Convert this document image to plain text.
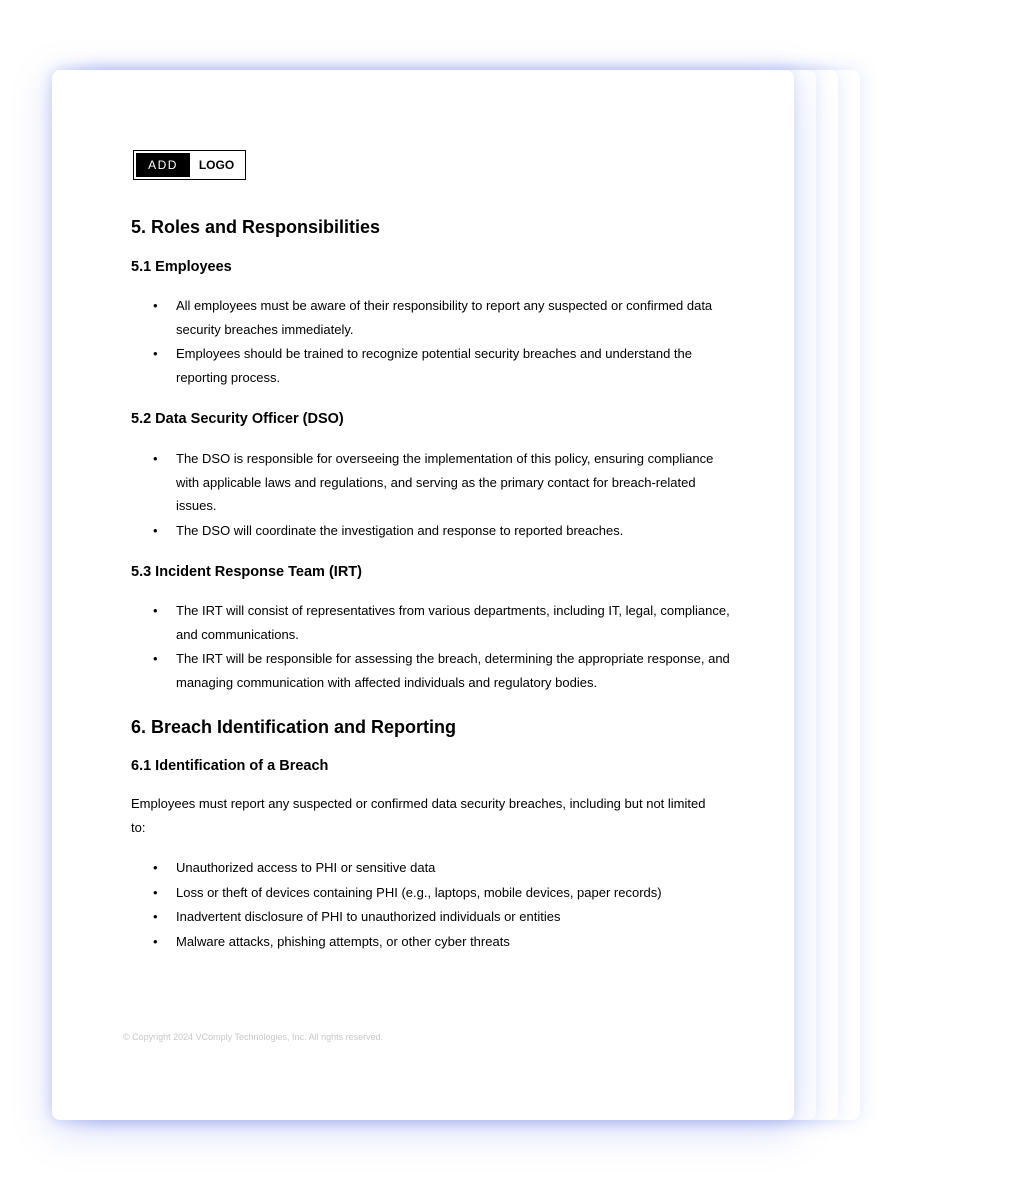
ADD	LOGO
5. Roles and Responsibilities
5.1 Employees
• All employees must be aware of their responsibility to report any suspected or confirmed data security breaches immediately.
• Employees should be trained to recognize potential security breaches and understand the reporting process.
5.2 Data Security Officer (DSO)
• The DSO is responsible for overseeing the implementation of this policy, ensuring compliance with applicable laws and regulations, and serving as the primary contact for breach-related issues.
• The DSO will coordinate the investigation and response to reported breaches.
5.3 Incident Response Team (IRT)
• The IRT will consist of representatives from various departments, including IT, legal, compliance, and communications.
• The IRT will be responsible for assessing the breach, determining the appropriate response, and managing communication with affected individuals and regulatory bodies.
6. Breach Identification and Reporting
6.1 Identification of a Breach
Employees must report any suspected or confirmed data security breaches, including but not limited to:
• Unauthorized access to PHI or sensitive data
• Loss or theft of devices containing PHI (e.g., laptops, mobile devices, paper records)
• Inadvertent disclosure of PHI to unauthorized individuals or entities
• Malware attacks, phishing attempts, or other cyber threats
© Copyright 2024 VComply Technologies, Inc. All rights reserved.
